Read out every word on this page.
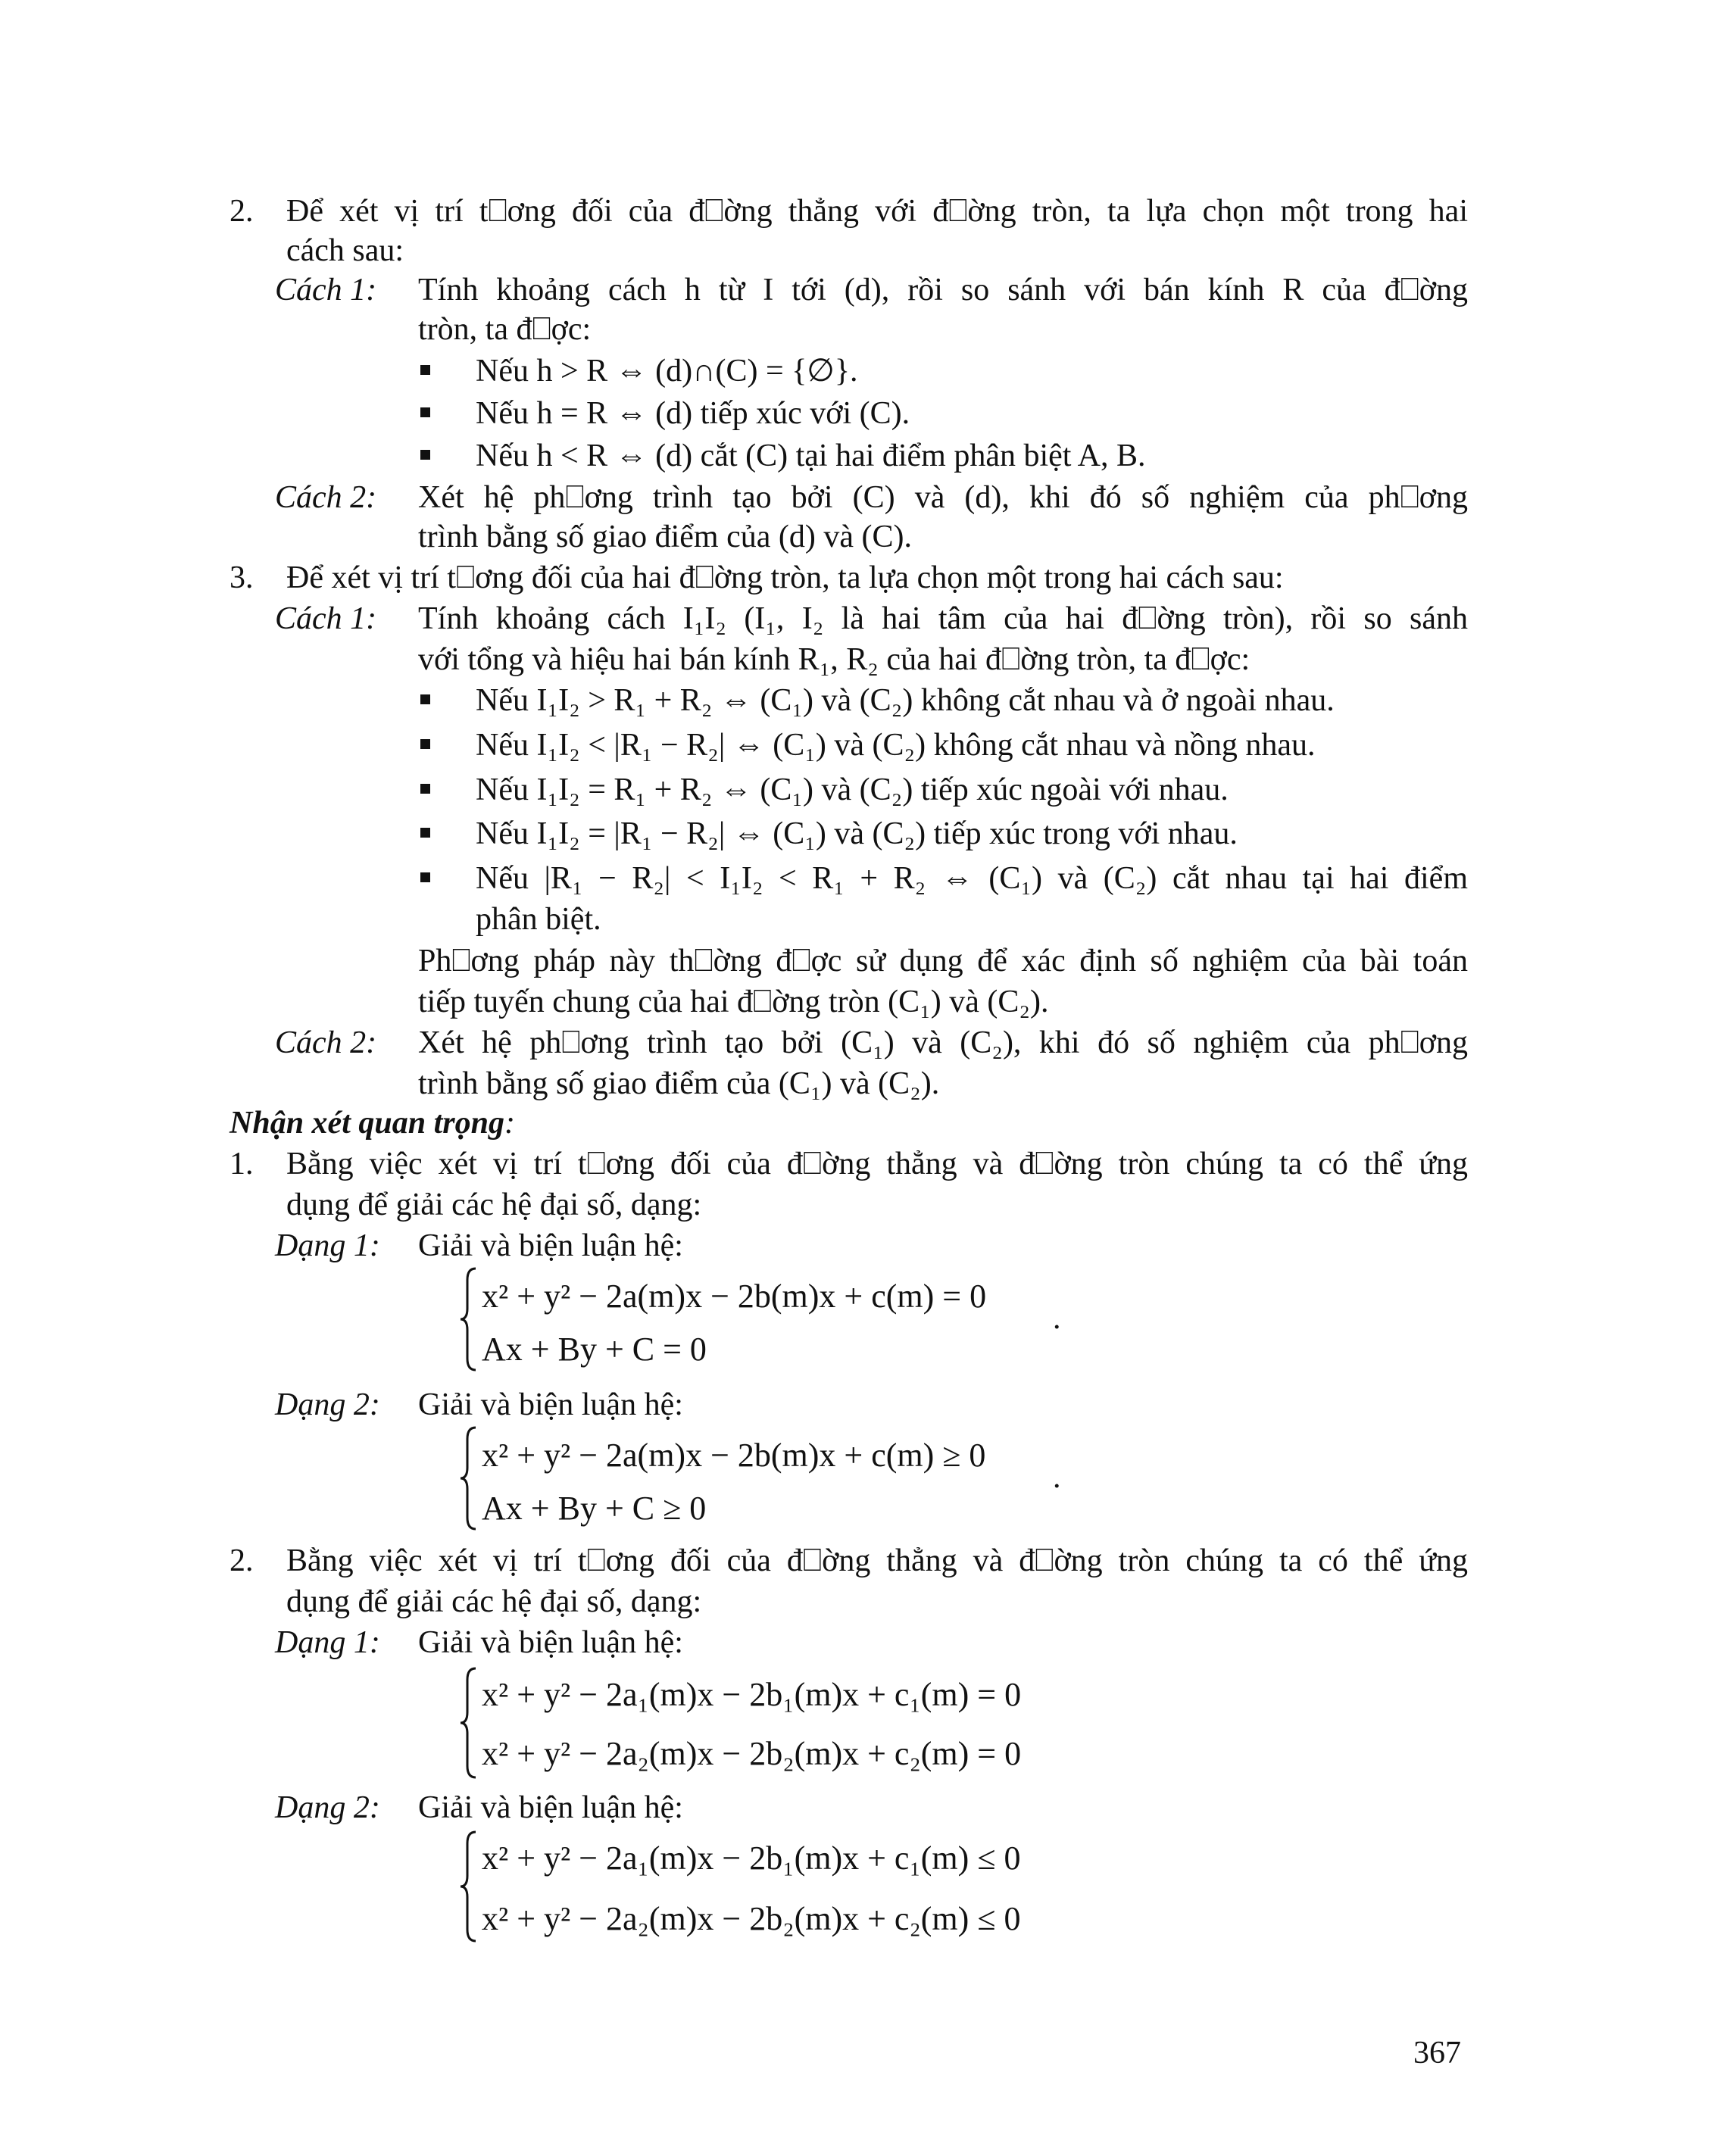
2. Để xét vị trí t⎕ơng đối của đ⎕ờng thẳng với đ⎕ờng tròn, ta lựa chọn một trong hai
cách sau:
Cách 1: Tính khoảng cách h từ I tới (d), rồi so sánh với bán kính R của đ⎕ờng
tròn, ta đ⎕ợc:
Nếu h > R ⇔ (d)∩(C) = {∅}.
Nếu h = R ⇔ (d) tiếp xúc với (C).
Nếu h < R ⇔ (d) cắt (C) tại hai điểm phân biệt A, B.
Cách 2: Xét hệ ph⎕ơng trình tạo bởi (C) và (d), khi đó số nghiệm của ph⎕ơng
trình bằng số giao điểm của (d) và (C).
3. Để xét vị trí t⎕ơng đối của hai đ⎕ờng tròn, ta lựa chọn một trong hai cách sau:
Cách 1: Tính khoảng cách I₁I₂ (I₁, I₂ là hai tâm của hai đ⎕ờng tròn), rồi so sánh
với tổng và hiệu hai bán kính R₁, R₂ của hai đ⎕ờng tròn, ta đ⎕ợc:
Nếu I₁I₂ > R₁ + R₂ ⇔ (C₁) và (C₂) không cắt nhau và ở ngoài nhau.
Nếu I₁I₂ < |R₁ − R₂| ⇔ (C₁) và (C₂) không cắt nhau và nồng nhau.
Nếu I₁I₂ = R₁ + R₂ ⇔ (C₁) và (C₂) tiếp xúc ngoài với nhau.
Nếu I₁I₂ = |R₁ − R₂| ⇔ (C₁) và (C₂) tiếp xúc trong với nhau.
Nếu |R₁ − R₂| < I₁I₂ < R₁ + R₂ ⇔ (C₁) và (C₂) cắt nhau tại hai điểm
phân biệt.
Ph⎕ơng pháp này th⎕ờng đ⎕ợc sử dụng để xác định số nghiệm của bài toán
tiếp tuyến chung của hai đ⎕ờng tròn (C₁) và (C₂).
Cách 2: Xét hệ ph⎕ơng trình tạo bởi (C₁) và (C₂), khi đó số nghiệm của ph⎕ơng
trình bằng số giao điểm của (C₁) và (C₂).
Nhận xét quan trọng:
1. Bằng việc xét vị trí t⎕ơng đối của đ⎕ờng thẳng và đ⎕ờng tròn chúng ta có thể ứng
dụng để giải các hệ đại số, dạng:
Dạng 1: Giải và biện luận hệ:
x² + y² − 2a(m)x − 2b(m)x + c(m) = 0
Ax + By + C = 0
.
Dạng 2: Giải và biện luận hệ:
x² + y² − 2a(m)x − 2b(m)x + c(m) ≥ 0
Ax + By + C ≥ 0
.
2. Bằng việc xét vị trí t⎕ơng đối của đ⎕ờng thẳng và đ⎕ờng tròn chúng ta có thể ứng
dụng để giải các hệ đại số, dạng:
Dạng 1: Giải và biện luận hệ:
x² + y² − 2a₁(m)x − 2b₁(m)x + c₁(m) = 0
x² + y² − 2a₂(m)x − 2b₂(m)x + c₂(m) = 0
Dạng 2: Giải và biện luận hệ:
x² + y² − 2a₁(m)x − 2b₁(m)x + c₁(m) ≤ 0
x² + y² − 2a₂(m)x − 2b₂(m)x + c₂(m) ≤ 0
367
